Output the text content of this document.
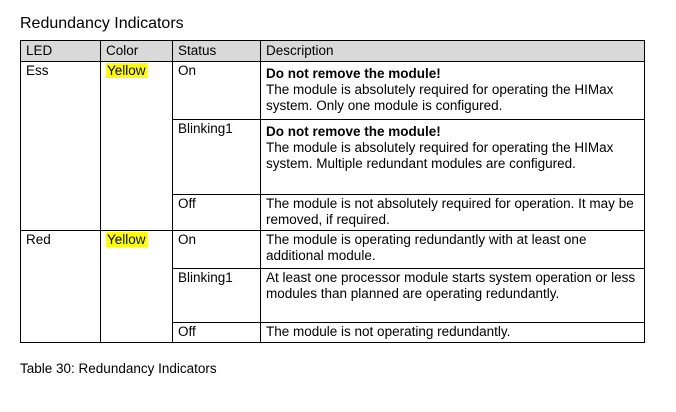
Redundancy Indicators
LED	Color	Status	Description
Ess	Yellow	On	Do not remove the module!
The module is absolutely required for operating the HIMax system. Only one module is configured.

		Blinking1	Do not remove the module!
The module is absolutely required for operating the HIMax system. Multiple redundant modules are configured.

		Off	The module is not absolutely required for operation. It may be removed, if required.

Red	Yellow	On	The module is operating redundantly with at least one additional module.

		Blinking1	At least one processor module starts system operation or less modules than planned are operating redundantly.

		Off	The module is not operating redundantly.

Table 30: Redundancy Indicators
